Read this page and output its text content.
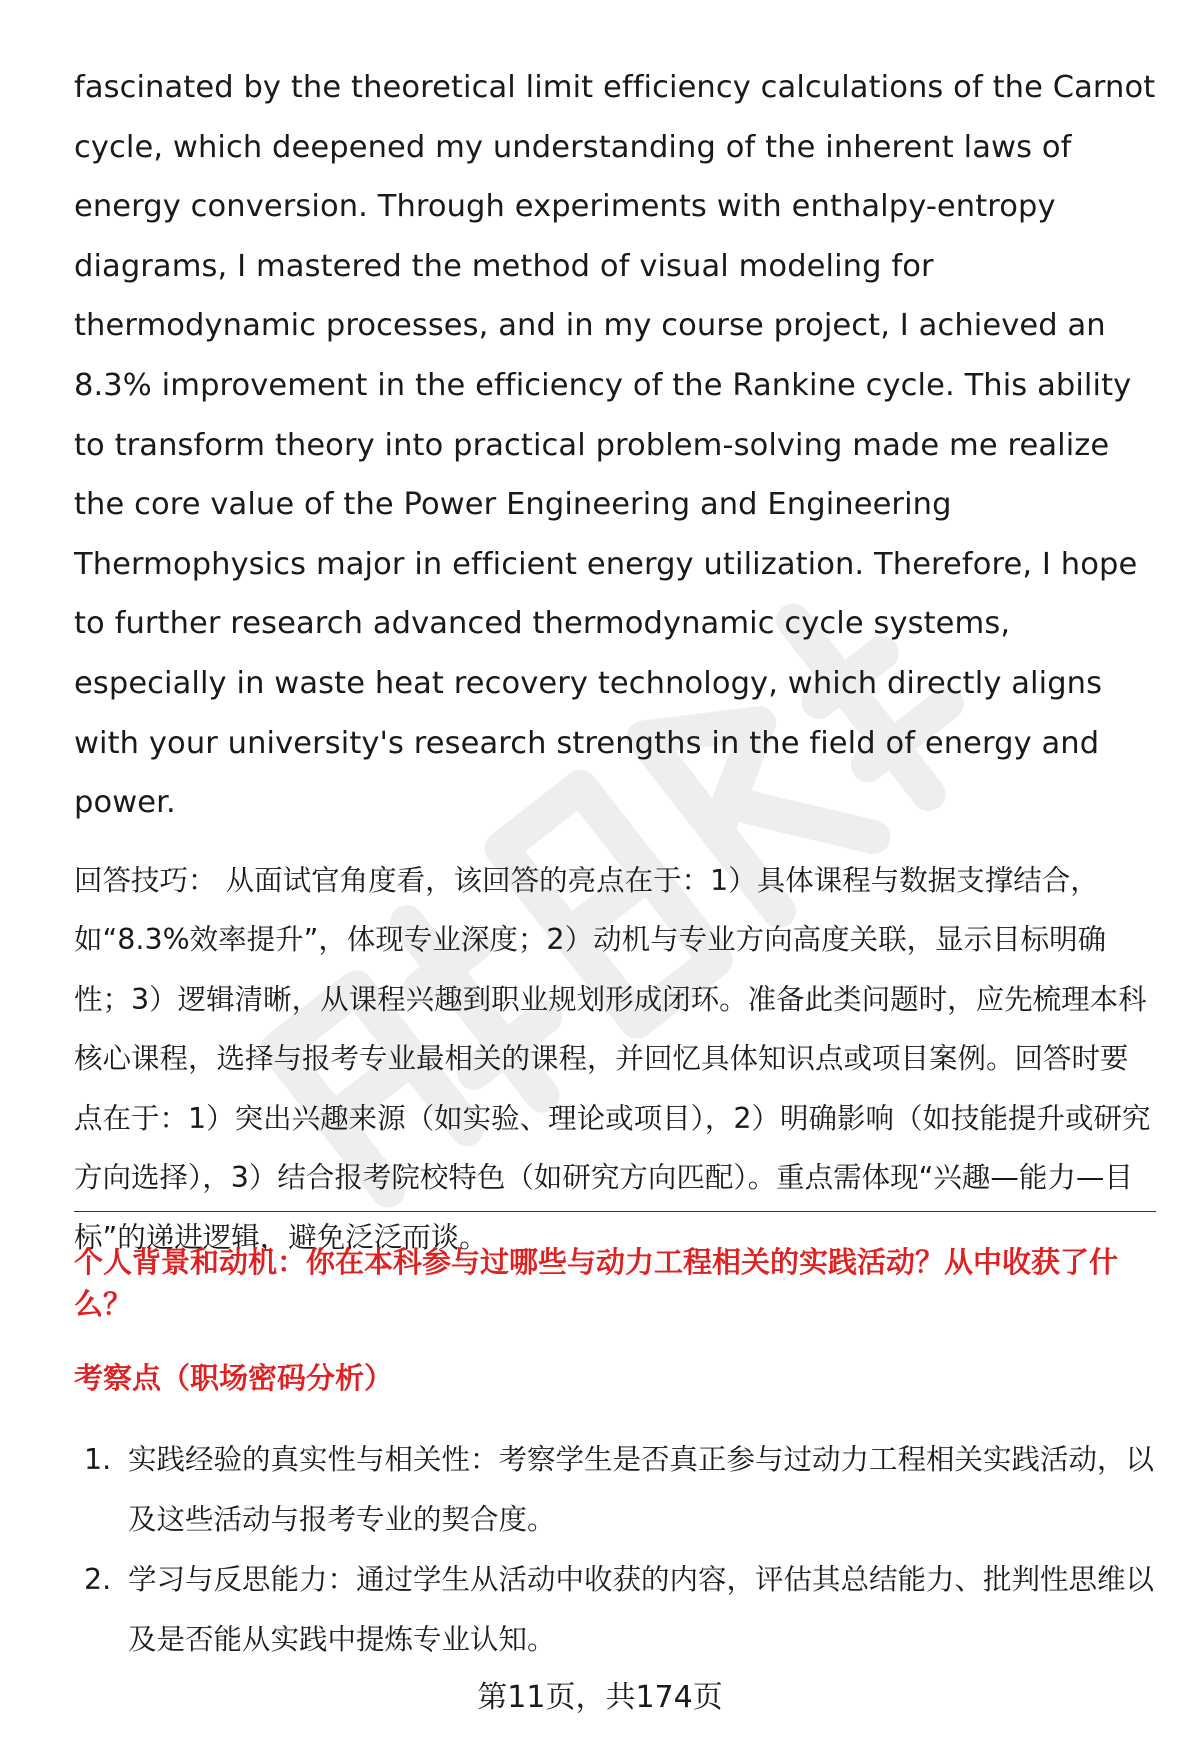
fascinated by the theoretical limit efficiency calculations of the Carnot cycle, which deepened my understanding of the inherent laws of energy conversion. Through experiments with enthalpy-entropy diagrams, I mastered the method of visual modeling for thermodynamic processes, and in my course project, I achieved an 8.3% improvement in the efficiency of the Rankine cycle. This ability to transform theory into practical problem-solving made me realize the core value of the Power Engineering and Engineering Thermophysics major in efficient energy utilization. Therefore, I hope to further research advanced thermodynamic cycle systems, especially in waste heat recovery technology, which directly aligns with your university's research strengths in the field of energy and power.

回答技巧： 从面试官角度看，该回答的亮点在于：1）具体课程与数据支撑结合，如“8.3%效率提升”，体现专业深度；2）动机与专业方向高度关联，显示目标明确性；3）逻辑清晰，从课程兴趣到职业规划形成闭环。准备此类问题时，应先梳理本科核心课程，选择与报考专业最相关的课程，并回忆具体知识点或项目案例。回答时要点在于：1）突出兴趣来源（如实验、理论或项目），2）明确影响（如技能提升或研究方向选择），3）结合报考院校特色（如研究方向匹配）。重点需体现“兴趣—能力—目标”的递进逻辑，避免泛泛而谈。

个人背景和动机：你在本科参与过哪些与动力工程相关的实践活动？从中收获了什么？
考察点（职场密码分析）
1. 实践经验的真实性与相关性：考察学生是否真正参与过动力工程相关实践活动，以及这些活动与报考专业的契合度。
2. 学习与反思能力：通过学生从活动中收获的内容，评估其总结能力、批判性思维以及是否能从实践中提炼专业认知。
第11页，共174页
